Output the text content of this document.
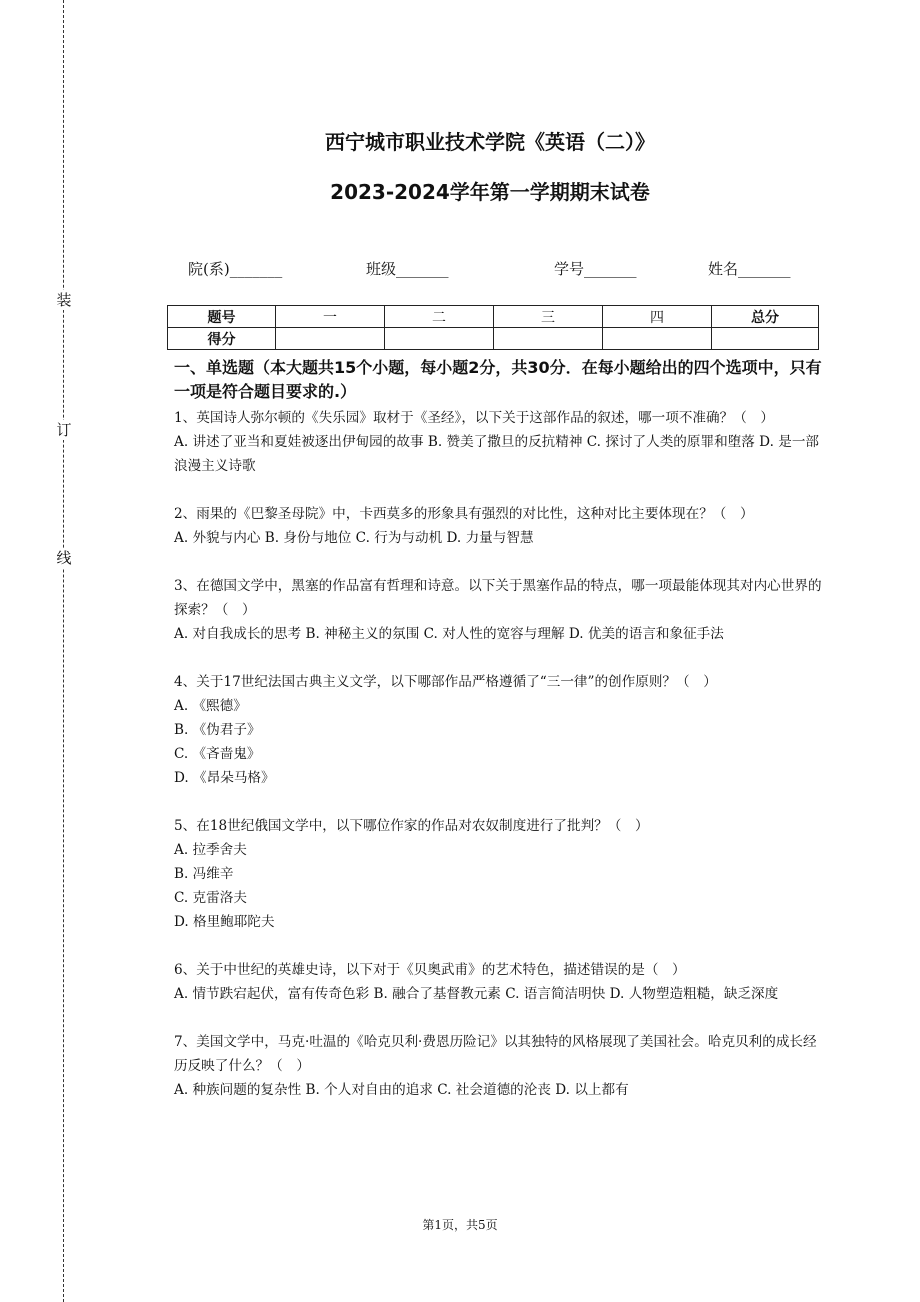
装
订
线
西宁城市职业技术学院《英语（二）》
2023-2024学年第一学期期末试卷
院(系)_______	班级_______	学号_______	姓名_______
题号	一	二	三	四	总分
得分					
一、单选题（本大题共15个小题，每小题2分，共30分．在每小题给出的四个选项中，只有一项是符合题目要求的.）

1、英国诗人弥尔顿的《失乐园》取材于《圣经》，以下关于这部作品的叙述，哪一项不准确？（　）

A. 讲述了亚当和夏娃被逐出伊甸园的故事 B. 赞美了撒旦的反抗精神 C. 探讨了人类的原罪和堕落 D. 是一部浪漫主义诗歌

2、雨果的《巴黎圣母院》中，卡西莫多的形象具有强烈的对比性，这种对比主要体现在？（　）

A. 外貌与内心 B. 身份与地位 C. 行为与动机 D. 力量与智慧

3、在德国文学中，黑塞的作品富有哲理和诗意。以下关于黑塞作品的特点，哪一项最能体现其对内心世界的探索？（　）

A. 对自我成长的思考 B. 神秘主义的氛围 C. 对人性的宽容与理解 D. 优美的语言和象征手法

4、关于17世纪法国古典主义文学，以下哪部作品严格遵循了“三一律”的创作原则？（　）

A. 《熙德》

B. 《伪君子》

C. 《吝啬鬼》

D. 《昂朵马格》

5、在18世纪俄国文学中，以下哪位作家的作品对农奴制度进行了批判？（　）

A. 拉季舍夫

B. 冯维辛

C. 克雷洛夫

D. 格里鲍耶陀夫

6、关于中世纪的英雄史诗，以下对于《贝奥武甫》的艺术特色，描述错误的是（　）

A. 情节跌宕起伏，富有传奇色彩 B. 融合了基督教元素 C. 语言简洁明快 D. 人物塑造粗糙，缺乏深度

7、美国文学中，马克·吐温的《哈克贝利·费恩历险记》以其独特的风格展现了美国社会。哈克贝利的成长经历反映了什么？（　）

A. 种族问题的复杂性 B. 个人对自由的追求 C. 社会道德的沦丧 D. 以上都有

第1页，共5页
